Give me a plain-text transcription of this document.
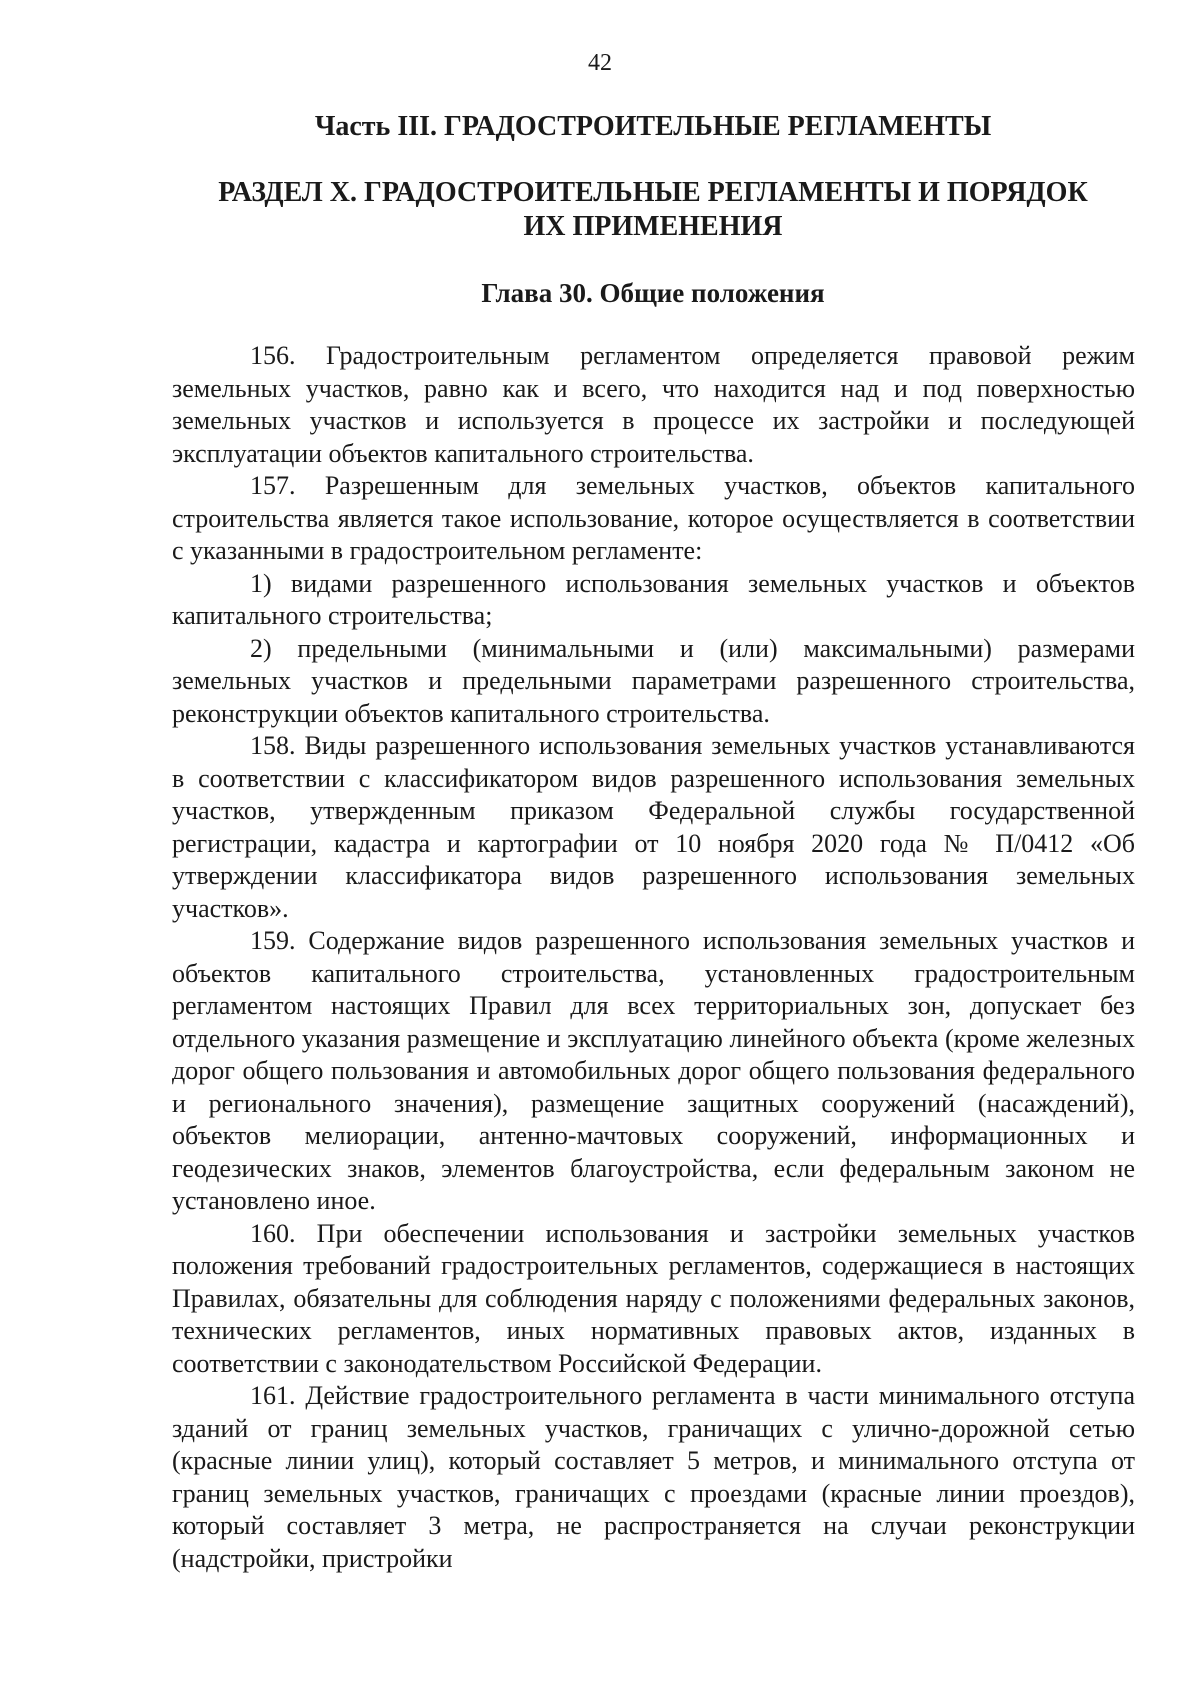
42
Часть III. ГРАДОСТРОИТЕЛЬНЫЕ РЕГЛАМЕНТЫ
РАЗДЕЛ X. ГРАДОСТРОИТЕЛЬНЫЕ РЕГЛАМЕНТЫ И ПОРЯДОК
ИХ ПРИМЕНЕНИЯ
Глава 30. Общие положения

156. Градостроительным регламентом определяется правовой режим земельных участков, равно как и всего, что находится над и под поверхностью земельных участков и используется в процессе их застройки и последующей эксплуатации объектов капитального строительства.

157. Разрешенным для земельных участков, объектов капитального строительства является такое использование, которое осуществляется в соответствии с указанными в градостроительном регламенте:

1) видами разрешенного использования земельных участков и объектов капитального строительства;

2) предельными (минимальными и (или) максимальными) размерами земельных участков и предельными параметрами разрешенного строительства, реконструкции объектов капитального строительства.

158. Виды разрешенного использования земельных участков устанавливаются в соответствии с классификатором видов разрешенного использования земельных участков, утвержденным приказом Федеральной службы государственной регистрации, кадастра и картографии от 10 ноября 2020 года № П/0412 «Об утверждении классификатора видов разрешенного использования земельных участков».

159. Содержание видов разрешенного использования земельных участков и объектов капитального строительства, установленных градостроительным регламентом настоящих Правил для всех территориальных зон, допускает без отдельного указания размещение и эксплуатацию линейного объекта (кроме железных дорог общего пользования и автомобильных дорог общего пользования федерального и регионального значения), размещение защитных сооружений (насаждений), объектов мелиорации, антенно-мачтовых сооружений, информационных и геодезических знаков, элементов благоустройства, если федеральным законом не установлено иное.

160. При обеспечении использования и застройки земельных участков положения требований градостроительных регламентов, содержащиеся в настоящих Правилах, обязательны для соблюдения наряду с положениями федеральных законов, технических регламентов, иных нормативных правовых актов, изданных в соответствии с законодательством Российской Федерации.

161. Действие градостроительного регламента в части минимального отступа зданий от границ земельных участков, граничащих с улично-дорожной сетью (красные линии улиц), который составляет 5 метров, и минимального отступа от границ земельных участков, граничащих с проездами (красные линии проездов), который составляет 3 метра, не распространяется на случаи реконструкции (надстройки, пристройки
